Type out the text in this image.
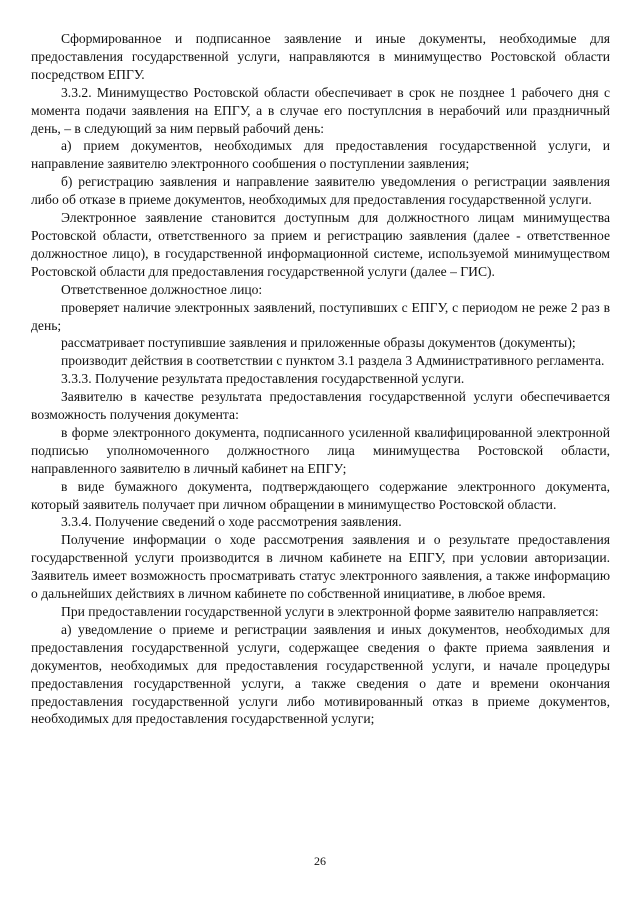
Сформированное и подписанное заявление и иные документы, необходимые для предоставления государственной услуги, направляются в минимущество Ростовской области посредством ЕПГУ.

3.3.2. Минимущество Ростовской области обеспечивает в срок не позднее 1 рабочего дня с момента подачи заявления на ЕПГУ, а в случае его поступлсния в нерабочий или праздничный день, – в следующий за ним первый рабочий день:

а) прием документов, необходимых для предоставления государственной услуги, и направление заявителю электронного сообшения о поступлении заявления;

б) регистрацию заявления и направление заявителю уведомления о регистрации заявления либо об отказе в приеме документов, необходимых для предоставления государственной услуги.

Электронное заявление становится доступным для должностного лицам минимущества Ростовской области, ответственного за прием и регистрацию заявления (далее - ответственное должностное лицо), в государственной информационной системе, используемой минимуществом Ростовской области для предоставления государственной услуги (далее – ГИС).

Ответственное должностное лицо:

проверяет наличие электронных заявлений, поступивших с ЕПГУ, с периодом не реже 2 раз в день;

рассматривает поступившие заявления и приложенные образы документов (документы);

производит действия в соответствии с пунктом 3.1 раздела 3 Административного регламента.

3.3.3. Получение результата предоставления государственной услуги.

Заявителю в качестве результата предоставления государственной услуги обеспечивается возможность получения документа:

в форме электронного документа, подписанного усиленной квалифицированной электронной подписью уполномоченного должностного лица минимущества Ростовской области, направленного заявителю в личный кабинет на ЕПГУ;

в виде бумажного документа, подтверждающего содержание электронного документа, который заявитель получает при личном обращении в минимущество Ростовской области.

3.3.4. Получение сведений о ходе рассмотрения заявления.

Получение информации о ходе рассмотрения заявления и о результате предоставления государственной услуги производится в личном кабинете на ЕПГУ, при условии авторизации. Заявитель имеет возможность просматривать статус электронного заявления, а также информацию о дальнейших действиях в личном кабинете по собственной инициативе, в любое время.

При предоставлении государственной услуги в электронной форме заявителю направляется:

а) уведомление о приеме и регистрации заявления и иных документов, необходимых для предоставления государственной услуги, содержащее сведения о факте приема заявления и документов, необходимых для предоставления государственной услуги, и начале процедуры предоставления государственной услуги, а также сведения о дате и времени окончания предоставления государственной услуги либо мотивированный отказ в приеме документов, необходимых для предоставления государственной услуги;

26
